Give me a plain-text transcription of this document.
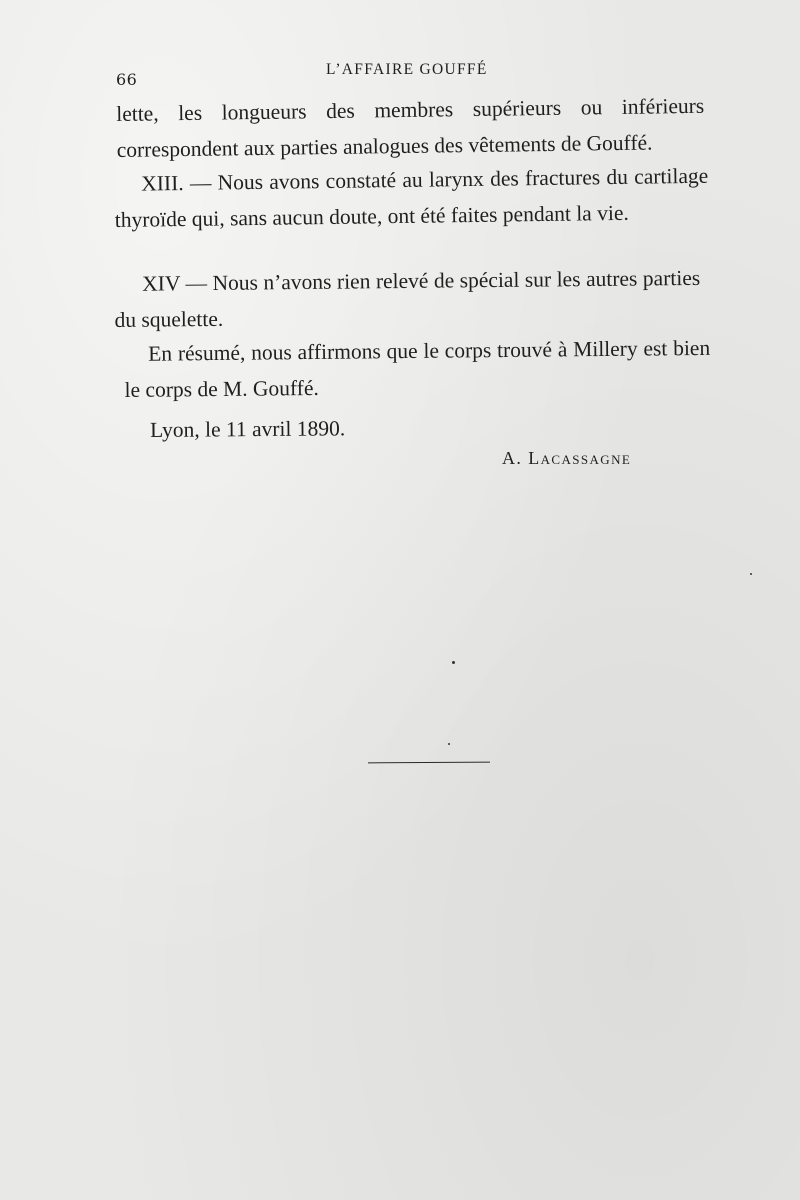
66
L’AFFAIRE GOUFFÉ

lette, les longueurs des membres supérieurs ou inférieurs correspondent aux parties analogues des vêtements de Gouffé.

XIII. — Nous avons constaté au larynx des fractures du cartilage thyroïde qui, sans aucun doute, ont été faites pendant la vie.

XIV — Nous n’avons rien relevé de spécial sur les autres parties du squelette.

En résumé, nous affirmons que le corps trouvé à Millery est bien le corps de M. Gouffé.

Lyon, le 11 avril 1890.
A. Lacassagne
